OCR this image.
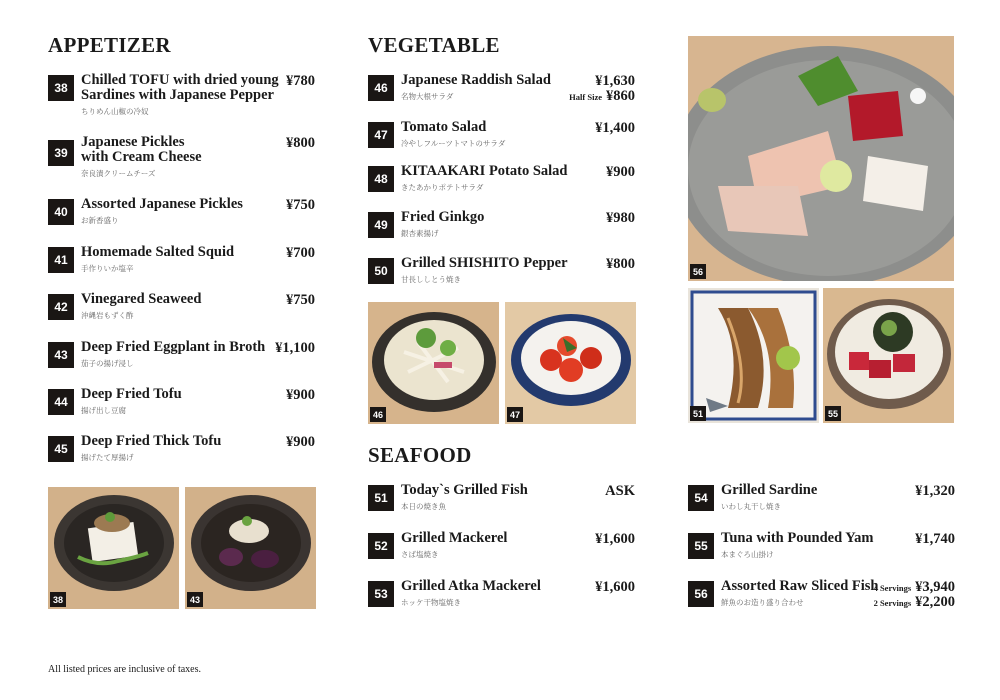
APPETIZER	VEGETABLE
SEAFOOD
38 Chilled TOFU with dried young
Sardines with Japanese Pepper
ちりめん山椒の冷奴
¥780
39
Japanese Pickles
with Cream Cheese
奈良漬クリームチーズ
¥800
40 Assorted Japanese Pickles
お新香盛り
¥750
41 Homemade Salted Squid
手作りいか塩辛
¥700
42 Vinegared Seaweed
沖縄岩もずく酢
¥750
43 Deep Fried Eggplant in Broth
茄子の揚げ浸し
¥1,100
44 Deep Fried Tofu
揚げ出し豆腐
¥900
45 Deep Fried Thick Tofu
揚げたて厚揚げ
¥900
38	43
46 Japanese Raddish Salad
名物大根サラダ
¥1,630
Half Size ¥860
47 Tomato Salad
冷やしフルーツトマトのサラダ
¥1,400
48 KITAAKARI Potato Salad
きたあかりポテトサラダ
¥900
49 Fried Ginkgo
銀杏素揚げ
¥980
50 Grilled SHISHITO Pepper
甘長ししとう焼き
¥800
46	47
56
51	55
51 Today`s Grilled Fish
本日の焼き魚
ASK
52 Grilled Mackerel
さば塩焼き
¥1,600
53 Grilled Atka Mackerel
ホッケ干物塩焼き
¥1,600
54 Grilled Sardine
いわし丸干し焼き
¥1,320
55 Tuna with Pounded Yam
本まぐろ山掛け
¥1,740
56 Assorted Raw Sliced Fish
鮮魚のお造り盛り合わせ
4 Servings ¥3,940
2 Servings ¥2,200
All listed prices are inclusive of taxes.
